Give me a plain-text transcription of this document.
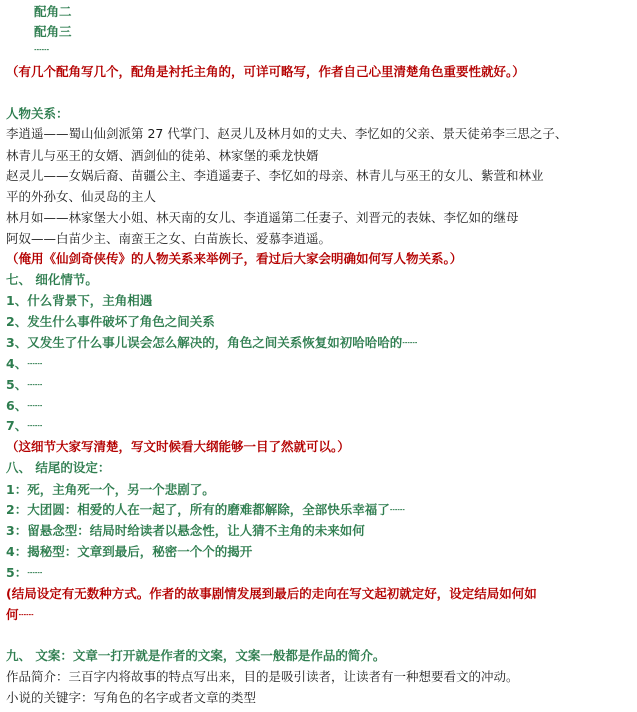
配角二
配角三
┄┄
（有几个配角写几个，配角是衬托主角的，可详可略写，作者自己心里清楚角色重要性就好。）
人物关系：
李逍遥——蜀山仙剑派第 27 代掌门、赵灵儿及林月如的丈夫、李忆如的父亲、景天徒弟李三思之子、
林青儿与巫王的女婿、酒剑仙的徒弟、林家堡的乘龙快婿
赵灵儿——女娲后裔、苗疆公主、李逍遥妻子、李忆如的母亲、林青儿与巫王的女儿、紫萱和林业
平的外孙女、仙灵岛的主人
林月如——林家堡大小姐、林天南的女儿、李逍遥第二任妻子、刘晋元的表妹、李忆如的继母
阿奴——白苗少主、南蛮王之女、白苗族长、爱慕李逍遥。
（俺用《仙剑奇侠传》的人物关系来举例子，看过后大家会明确如何写人物关系。）
七、 细化情节。
1、什么背景下，主角相遇
2、发生什么事件破坏了角色之间关系
3、又发生了什么事儿误会怎么解决的，角色之间关系恢复如初哈哈哈的┄┄
4、┄┄
5、┄┄
6、┄┄
7、┄┄
（这细节大家写清楚，写文时候看大纲能够一目了然就可以。）
八、 结尾的设定：
1：死，主角死一个，另一个悲剧了。
2：大团圆：相爱的人在一起了，所有的磨难都解除，全部快乐幸福了┄┄
3：留悬念型：结局时给读者以悬念性，让人猜不主角的未来如何
4：揭秘型：文章到最后，秘密一个个的揭开
5：┄┄
(结局设定有无数种方式。作者的故事剧情发展到最后的走向在写文起初就定好，设定结局如何如
何┄┄
九、 文案：文章一打开就是作者的文案，文案一般都是作品的简介。
作品简介：三百字内将故事的特点写出来，目的是吸引读者，让读者有一种想要看文的冲动。
小说的关键字：写角色的名字或者文章的类型
